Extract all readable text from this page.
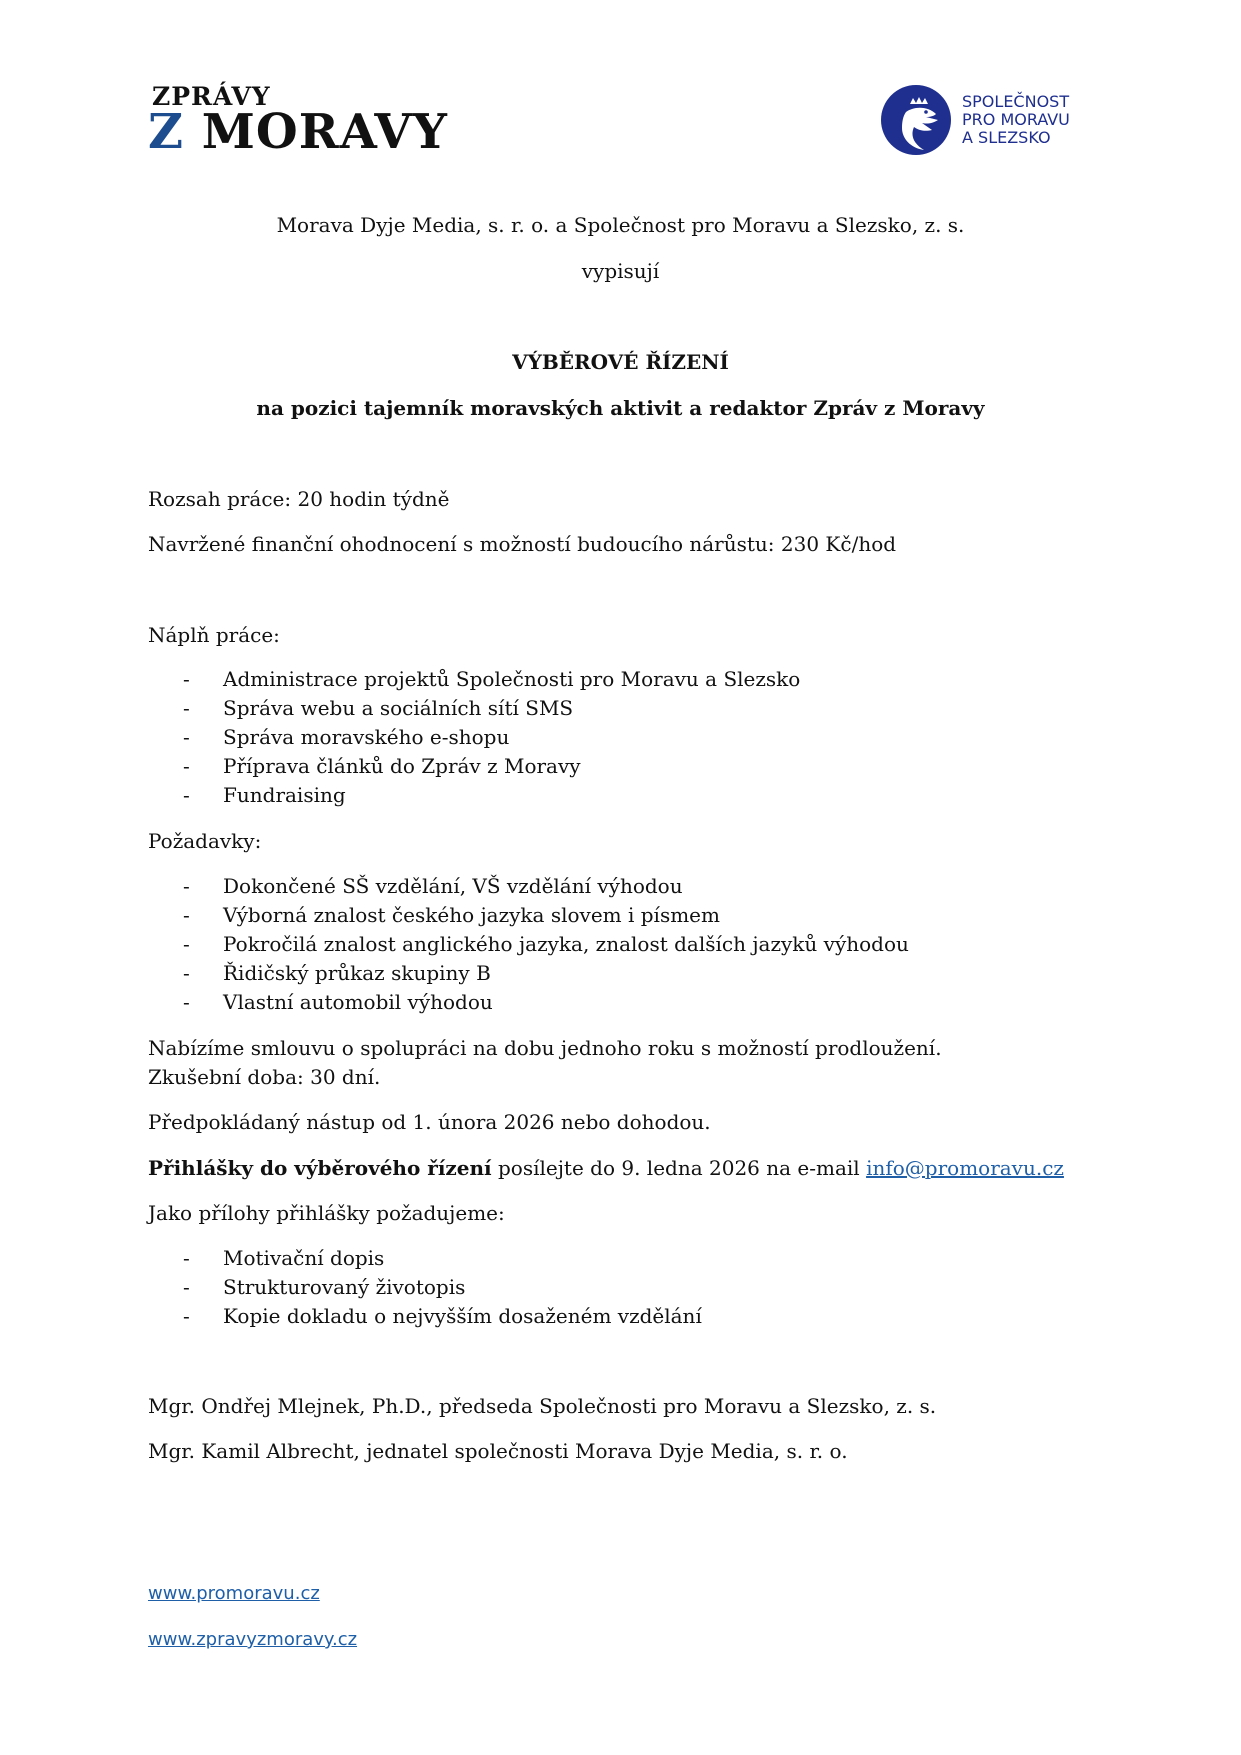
ZPRÁVY
Z MORAVY
SPOLEČNOST
PRO MORAVU
A SLEZSKO
Morava Dyje Media, s. r. o. a Společnost pro Moravu a Slezsko, z. s.
vypisují
VÝBĚROVÉ ŘÍZENÍ
na pozici tajemník moravských aktivit a redaktor Zpráv z Moravy
Rozsah práce: 20 hodin týdně
Navržené finanční ohodnocení s možností budoucího nárůstu: 230 Kč/hod
Náplň práce:
- Administrace projektů Společnosti pro Moravu a Slezsko
- Správa webu a sociálních sítí SMS
- Správa moravského e-shopu
- Příprava článků do Zpráv z Moravy
- Fundraising
Požadavky:
- Dokončené SŠ vzdělání, VŠ vzdělání výhodou
- Výborná znalost českého jazyka slovem i písmem
- Pokročilá znalost anglického jazyka, znalost dalších jazyků výhodou
- Řidičský průkaz skupiny B
- Vlastní automobil výhodou
Nabízíme smlouvu o spolupráci na dobu jednoho roku s možností prodloužení.
Zkušební doba: 30 dní.
Předpokládaný nástup od 1. února 2026 nebo dohodou.
Přihlášky do výběrového řízení posílejte do 9. ledna 2026 na e-mail info@promoravu.cz
Jako přílohy přihlášky požadujeme:
- Motivační dopis
- Strukturovaný životopis
- Kopie dokladu o nejvyšším dosaženém vzdělání
Mgr. Ondřej Mlejnek, Ph.D., předseda Společnosti pro Moravu a Slezsko, z. s.
Mgr. Kamil Albrecht, jednatel společnosti Morava Dyje Media, s. r. o.
www.promoravu.cz
www.zpravyzmoravy.cz
